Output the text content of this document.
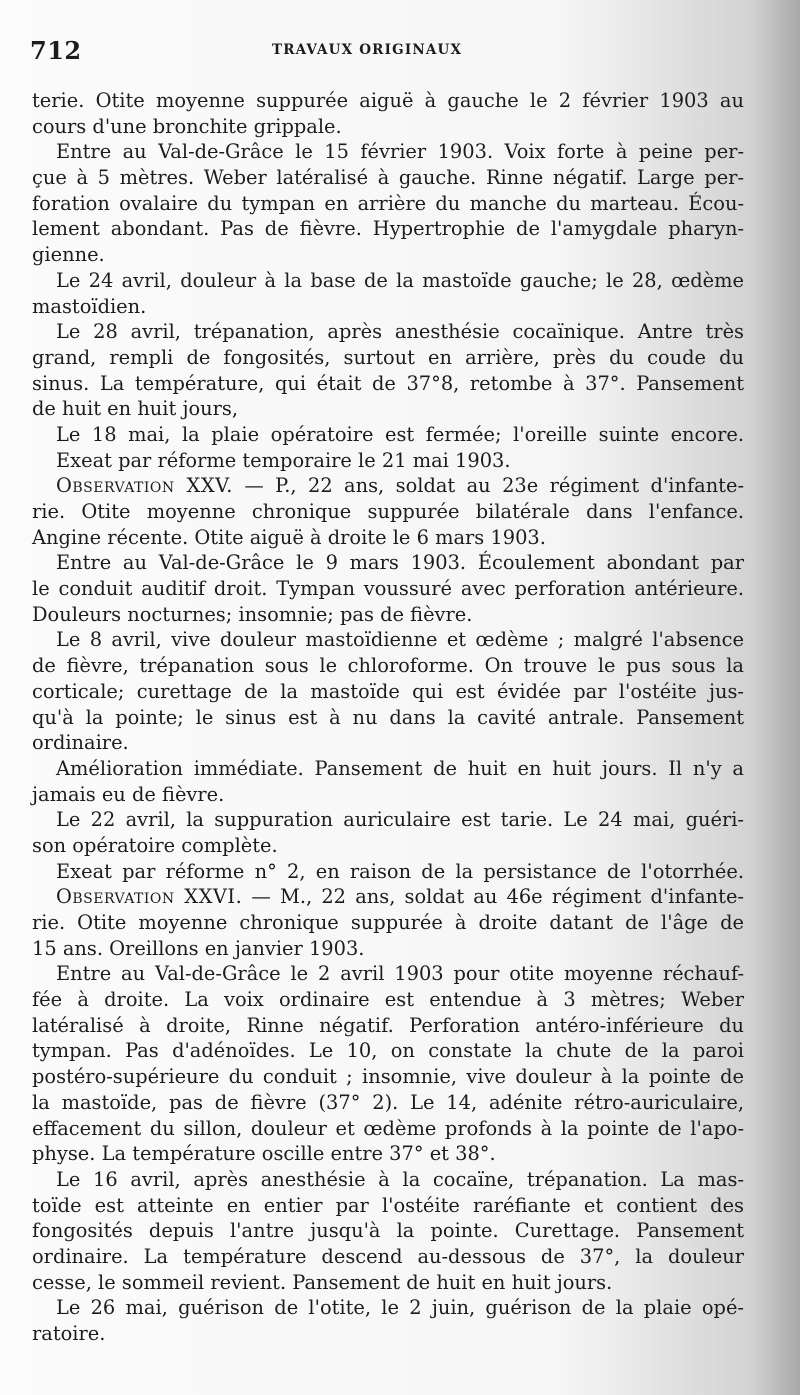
712	TRAVAUX ORIGINAUX
terie. Otite moyenne suppurée aiguë à gauche le 2 février 1903 au
cours d'une bronchite grippale.
Entre au Val-de-Grâce le 15 février 1903. Voix forte à peine per-
çue à 5 mètres. Weber latéralisé à gauche. Rinne négatif. Large per-
foration ovalaire du tympan en arrière du manche du marteau. Écou-
lement abondant. Pas de fièvre. Hypertrophie de l'amygdale pharyn-
gienne.
Le 24 avril, douleur à la base de la mastoïde gauche; le 28, œdème
mastoïdien.
Le 28 avril, trépanation, après anesthésie cocaïnique. Antre très
grand, rempli de fongosités, surtout en arrière, près du coude du
sinus. La température, qui était de 37°8, retombe à 37°. Pansement
de huit en huit jours,
Le 18 mai, la plaie opératoire est fermée; l'oreille suinte encore.
Exeat par réforme temporaire le 21 mai 1903.
Observation XXV. — P., 22 ans, soldat au 23e régiment d'infante-
rie. Otite moyenne chronique suppurée bilatérale dans l'enfance.
Angine récente. Otite aiguë à droite le 6 mars 1903.
Entre au Val-de-Grâce le 9 mars 1903. Écoulement abondant par
le conduit auditif droit. Tympan voussuré avec perforation antérieure.
Douleurs nocturnes; insomnie; pas de fièvre.
Le 8 avril, vive douleur mastoïdienne et œdème ; malgré l'absence
de fièvre, trépanation sous le chloroforme. On trouve le pus sous la
corticale; curettage de la mastoïde qui est évidée par l'ostéite jus-
qu'à la pointe; le sinus est à nu dans la cavité antrale. Pansement
ordinaire.
Amélioration immédiate. Pansement de huit en huit jours. Il n'y a
jamais eu de fièvre.
Le 22 avril, la suppuration auriculaire est tarie. Le 24 mai, guéri-
son opératoire complète.
Exeat par réforme n° 2, en raison de la persistance de l'otorrhée.
Observation XXVI. — M., 22 ans, soldat au 46e régiment d'infante-
rie. Otite moyenne chronique suppurée à droite datant de l'âge de
15 ans. Oreillons en janvier 1903.
Entre au Val-de-Grâce le 2 avril 1903 pour otite moyenne réchauf-
fée à droite. La voix ordinaire est entendue à 3 mètres; Weber
latéralisé à droite, Rinne négatif. Perforation antéro-inférieure du
tympan. Pas d'adénoïdes. Le 10, on constate la chute de la paroi
postéro-supérieure du conduit ; insomnie, vive douleur à la pointe de
la mastoïde, pas de fièvre (37° 2). Le 14, adénite rétro-auriculaire,
effacement du sillon, douleur et œdème profonds à la pointe de l'apo-
physe. La température oscille entre 37° et 38°.
Le 16 avril, après anesthésie à la cocaïne, trépanation. La mas-
toïde est atteinte en entier par l'ostéite raréfiante et contient des
fongosités depuis l'antre jusqu'à la pointe. Curettage. Pansement
ordinaire. La température descend au-dessous de 37°, la douleur
cesse, le sommeil revient. Pansement de huit en huit jours.
Le 26 mai, guérison de l'otite, le 2 juin, guérison de la plaie opé-
ratoire.
